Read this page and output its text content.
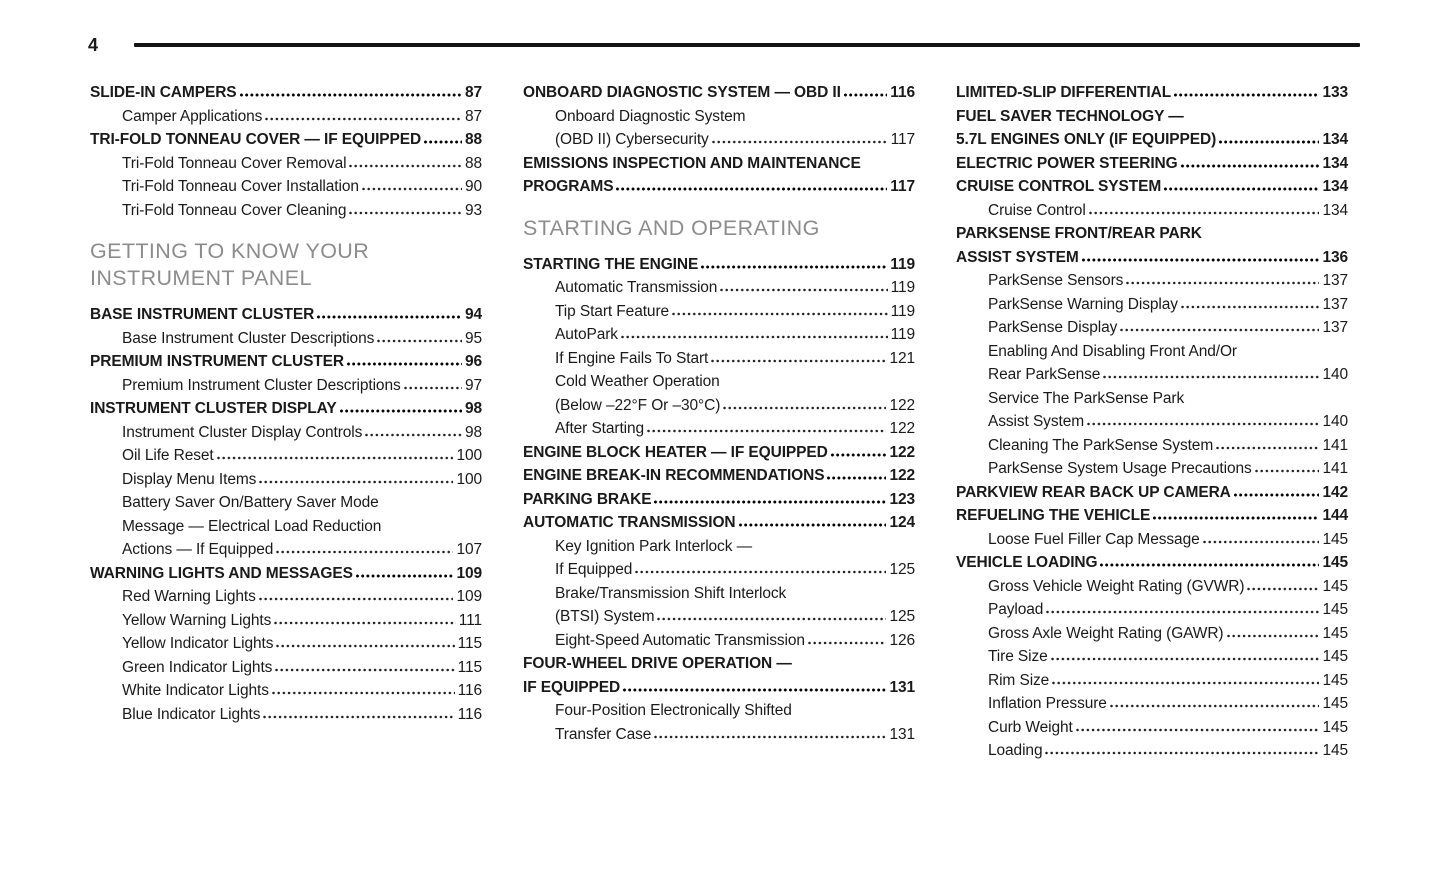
4
SLIDE-IN CAMPERS	87
Camper Applications	87
TRI-FOLD TONNEAU COVER — IF EQUIPPED	88
Tri-Fold Tonneau Cover Removal	88
Tri-Fold Tonneau Cover Installation	90
Tri-Fold Tonneau Cover Cleaning	93
GETTING TO KNOW YOUR
INSTRUMENT PANEL
BASE INSTRUMENT CLUSTER	94
Base Instrument Cluster Descriptions	95
PREMIUM INSTRUMENT CLUSTER	96
Premium Instrument Cluster Descriptions	97
INSTRUMENT CLUSTER DISPLAY	98
Instrument Cluster Display Controls	98
Oil Life Reset	100
Display Menu Items	100
Battery Saver On/Battery Saver Mode
Message — Electrical Load Reduction
Actions — If Equipped	107
WARNING LIGHTS AND MESSAGES	109
Red Warning Lights	109
Yellow Warning Lights	111
Yellow Indicator Lights	115
Green Indicator Lights	115
White Indicator Lights	116
Blue Indicator Lights	116
ONBOARD DIAGNOSTIC SYSTEM — OBD II	116
Onboard Diagnostic System
(OBD II) Cybersecurity	117
EMISSIONS INSPECTION AND MAINTENANCE
PROGRAMS	117
STARTING AND OPERATING
STARTING THE ENGINE	119
Automatic Transmission	119
Tip Start Feature	119
AutoPark	119
If Engine Fails To Start	121
Cold Weather Operation
(Below –22°F Or –30°C)	122
After Starting	122
ENGINE BLOCK HEATER — IF EQUIPPED	122
ENGINE BREAK-IN RECOMMENDATIONS	122
PARKING BRAKE	123
AUTOMATIC TRANSMISSION	124
Key Ignition Park Interlock —
If Equipped	125
Brake/Transmission Shift Interlock
(BTSI) System	125
Eight-Speed Automatic Transmission	126
FOUR-WHEEL DRIVE OPERATION —
IF EQUIPPED	131
Four-Position Electronically Shifted
Transfer Case	131
LIMITED-SLIP DIFFERENTIAL	133
FUEL SAVER TECHNOLOGY —
5.7L ENGINES ONLY (IF EQUIPPED)	134
ELECTRIC POWER STEERING	134
CRUISE CONTROL SYSTEM	134
Cruise Control	134
PARKSENSE FRONT/REAR PARK
ASSIST SYSTEM	136
ParkSense Sensors	137
ParkSense Warning Display	137
ParkSense Display	137
Enabling And Disabling Front And/Or
Rear ParkSense	140
Service The ParkSense Park
Assist System	140
Cleaning The ParkSense System	141
ParkSense System Usage Precautions	141
PARKVIEW REAR BACK UP CAMERA	142
REFUELING THE VEHICLE	144
Loose Fuel Filler Cap Message	145
VEHICLE LOADING	145
Gross Vehicle Weight Rating (GVWR)	145
Payload	145
Gross Axle Weight Rating (GAWR)	145
Tire Size	145
Rim Size	145
Inflation Pressure	145
Curb Weight	145
Loading	145
